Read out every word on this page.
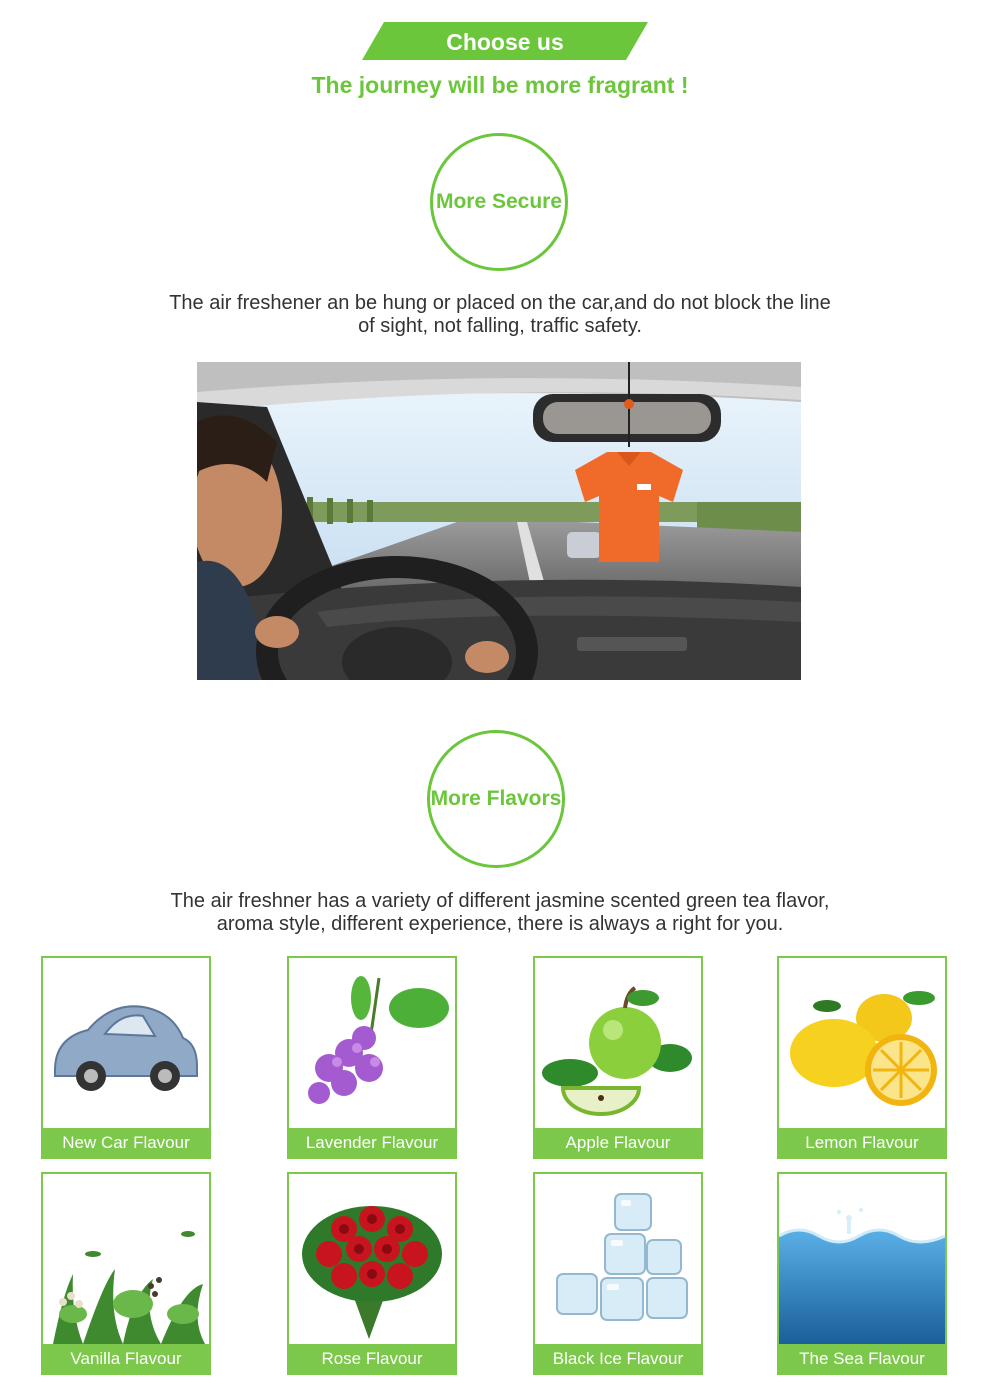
Choose us
The journey will be more fragrant !
More Secure
The air freshener an be hung or placed on the car,and do not block the line
of sight, not falling, traffic safety.
More Flavors
The air freshner has a variety of different jasmine scented green tea flavor,
aroma style, different experience, there is always a right for you.
New Car Flavour	Lavender Flavour	Apple Flavour	Lemon Flavour
Vanilla Flavour	Rose Flavour	Black Ice Flavour	The Sea Flavour
